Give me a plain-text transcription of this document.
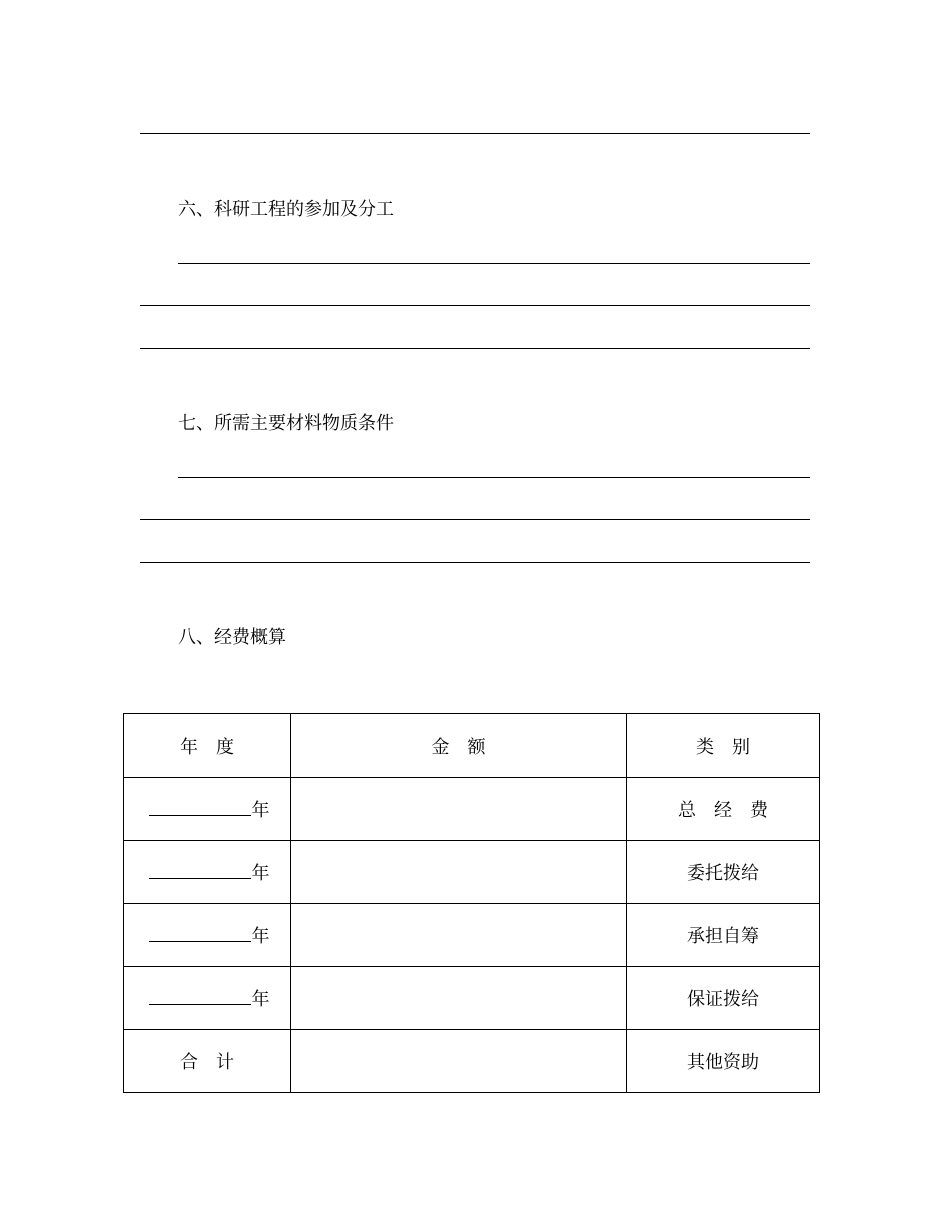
六、科研工程的参加及分工
七、所需主要材料物质条件
八、经费概算
年　度	金　额	类　别
年		总　经　费
年		委托拨给
年		承担自筹
年		保证拨给
合　计		其他资助
